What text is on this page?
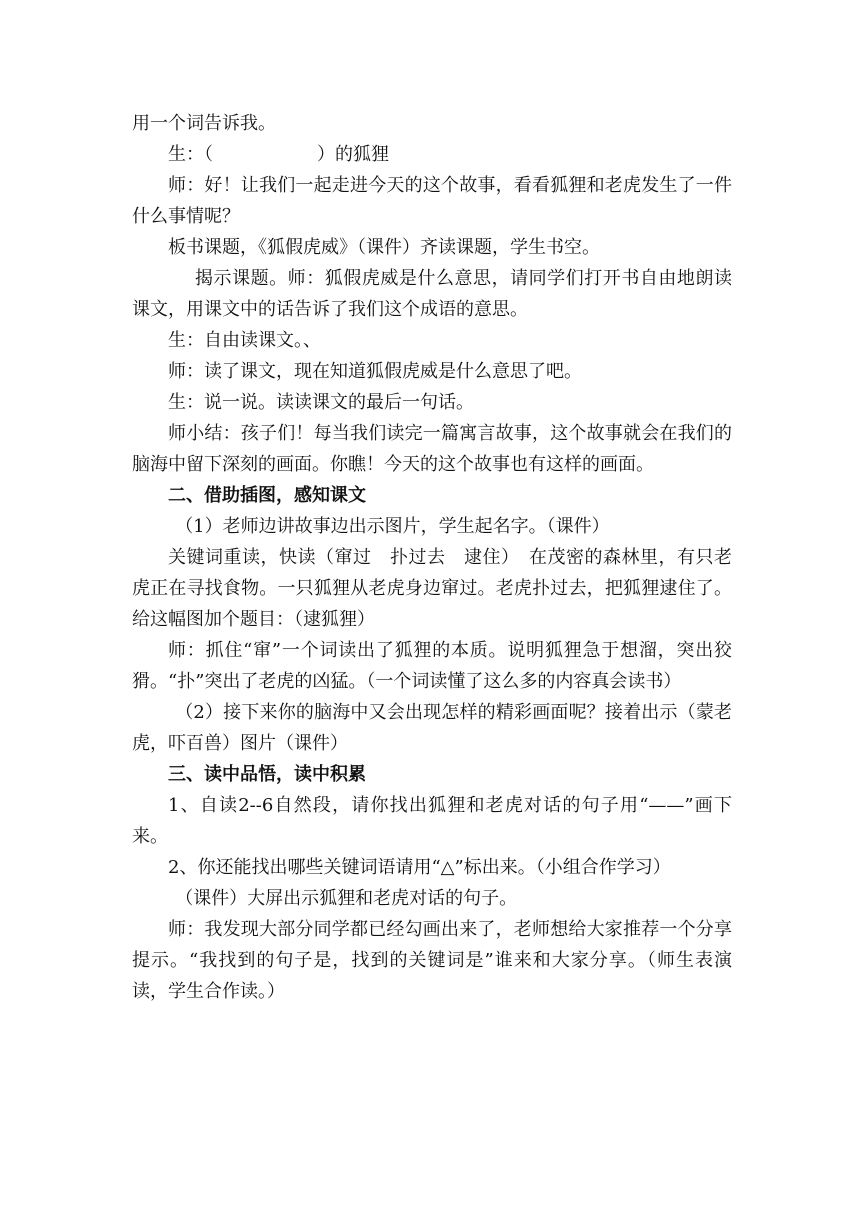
用一个词告诉我。

生：（	）的狐狸

师：好！让我们一起走进今天的这个故事，看看狐狸和老虎发生了一件什么事情呢？

板书课题，《狐假虎威》（课件）齐读课题，学生书空。

揭示课题。师：狐假虎威是什么意思，请同学们打开书自由地朗读课文，用课文中的话告诉了我们这个成语的意思。

生：自由读课文。、

师：读了课文，现在知道狐假虎威是什么意思了吧。

生：说一说。读读课文的最后一句话。

师小结：孩子们！每当我们读完一篇寓言故事，这个故事就会在我们的脑海中留下深刻的画面。你瞧！今天的这个故事也有这样的画面。

二、借助插图，感知课文

（1）老师边讲故事边出示图片，学生起名字。（课件）

关键词重读，快读（窜过　扑过去　逮住）　在茂密的森林里，有只老虎正在寻找食物。一只狐狸从老虎身边窜过。老虎扑过去，把狐狸逮住了。给这幅图加个题目：（逮狐狸）

师：抓住“窜”一个词读出了狐狸的本质。说明狐狸急于想溜，突出狡猾。“扑”突出了老虎的凶猛。（一个词读懂了这么多的内容真会读书）

（2）接下来你的脑海中又会出现怎样的精彩画面呢？接着出示（蒙老虎，吓百兽）图片（课件）

三、读中品悟，读中积累

1、自读2--6自然段，请你找出狐狸和老虎对话的句子用“——”画下来。

2、你还能找出哪些关键词语请用“△”标出来。（小组合作学习）

（课件）大屏出示狐狸和老虎对话的句子。

师：我发现大部分同学都已经勾画出来了，老师想给大家推荐一个分享提示。“我找到的句子是，找到的关键词是”谁来和大家分享。（师生表演读，学生合作读。）
